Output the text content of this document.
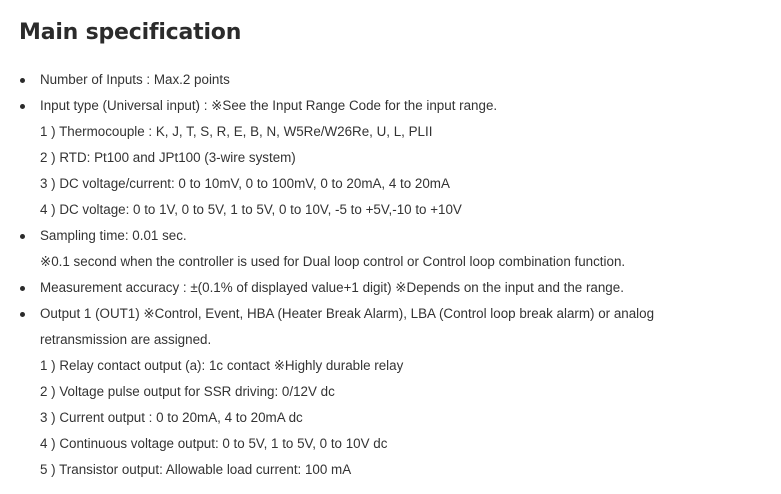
Main specification
Number of Inputs : Max.2 points
Input type (Universal input) : ※See the Input Range Code for the input range.
1 ) Thermocouple : K, J, T, S, R, E, B, N, W5Re/W26Re, U, L, PLII
2 ) RTD: Pt100 and JPt100 (3-wire system)
3 ) DC voltage/current: 0 to 10mV, 0 to 100mV, 0 to 20mA, 4 to 20mA
4 ) DC voltage: 0 to 1V, 0 to 5V, 1 to 5V, 0 to 10V, -5 to +5V,-10 to +10V
Sampling time: 0.01 sec.
※0.1 second when the controller is used for Dual loop control or Control loop combination function.
Measurement accuracy : ±(0.1% of displayed value+1 digit) ※Depends on the input and the range.
Output 1 (OUT1) ※Control, Event, HBA (Heater Break Alarm), LBA (Control loop break alarm) or analog
retransmission are assigned.
1 ) Relay contact output (a): 1c contact ※Highly durable relay
2 ) Voltage pulse output for SSR driving: 0/12V dc
3 ) Current output : 0 to 20mA, 4 to 20mA dc
4 ) Continuous voltage output: 0 to 5V, 1 to 5V, 0 to 10V dc
5 ) Transistor output: Allowable load current: 100 mA
